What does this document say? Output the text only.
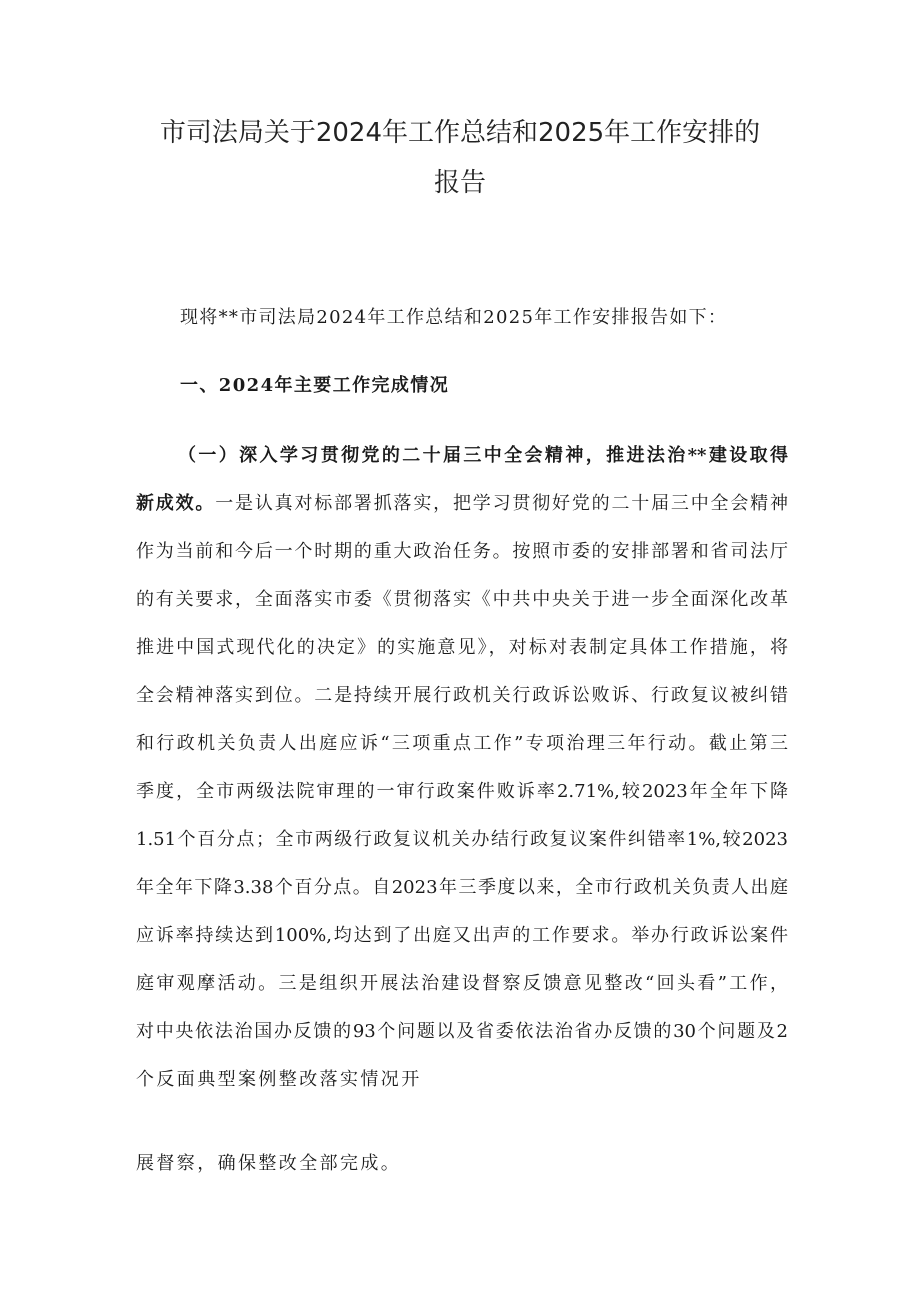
市司法局关于2024年工作总结和2025年工作安排的
报告
现将**市司法局2024年工作总结和2025年工作安排报告如下：
一、2024年主要工作完成情况
（一）深入学习贯彻党的二十届三中全会精神，推进法治**建设取得
新成效。一是认真对标部署抓落实，把学习贯彻好党的二十届三中全会精神
作为当前和今后一个时期的重大政治任务。按照市委的安排部署和省司法厅
的有关要求，全面落实市委《贯彻落实《中共中央关于进一步全面深化改革
推进中国式现代化的决定》的实施意见》，对标对表制定具体工作措施，将
全会精神落实到位。二是持续开展行政机关行政诉讼败诉、行政复议被纠错
和行政机关负责人出庭应诉“三项重点工作”专项治理三年行动。截止第三
季度，全市两级法院审理的一审行政案件败诉率2.71%,较2023年全年下降
1.51个百分点；全市两级行政复议机关办结行政复议案件纠错率1%,较2023
年全年下降3.38个百分点。自2023年三季度以来，全市行政机关负责人出庭
应诉率持续达到100%,均达到了出庭又出声的工作要求。举办行政诉讼案件
庭审观摩活动。三是组织开展法治建设督察反馈意见整改“回头看”工作，
对中央依法治国办反馈的93个问题以及省委依法治省办反馈的30个问题及2
个反面典型案例整改落实情况开
展督察，确保整改全部完成。
